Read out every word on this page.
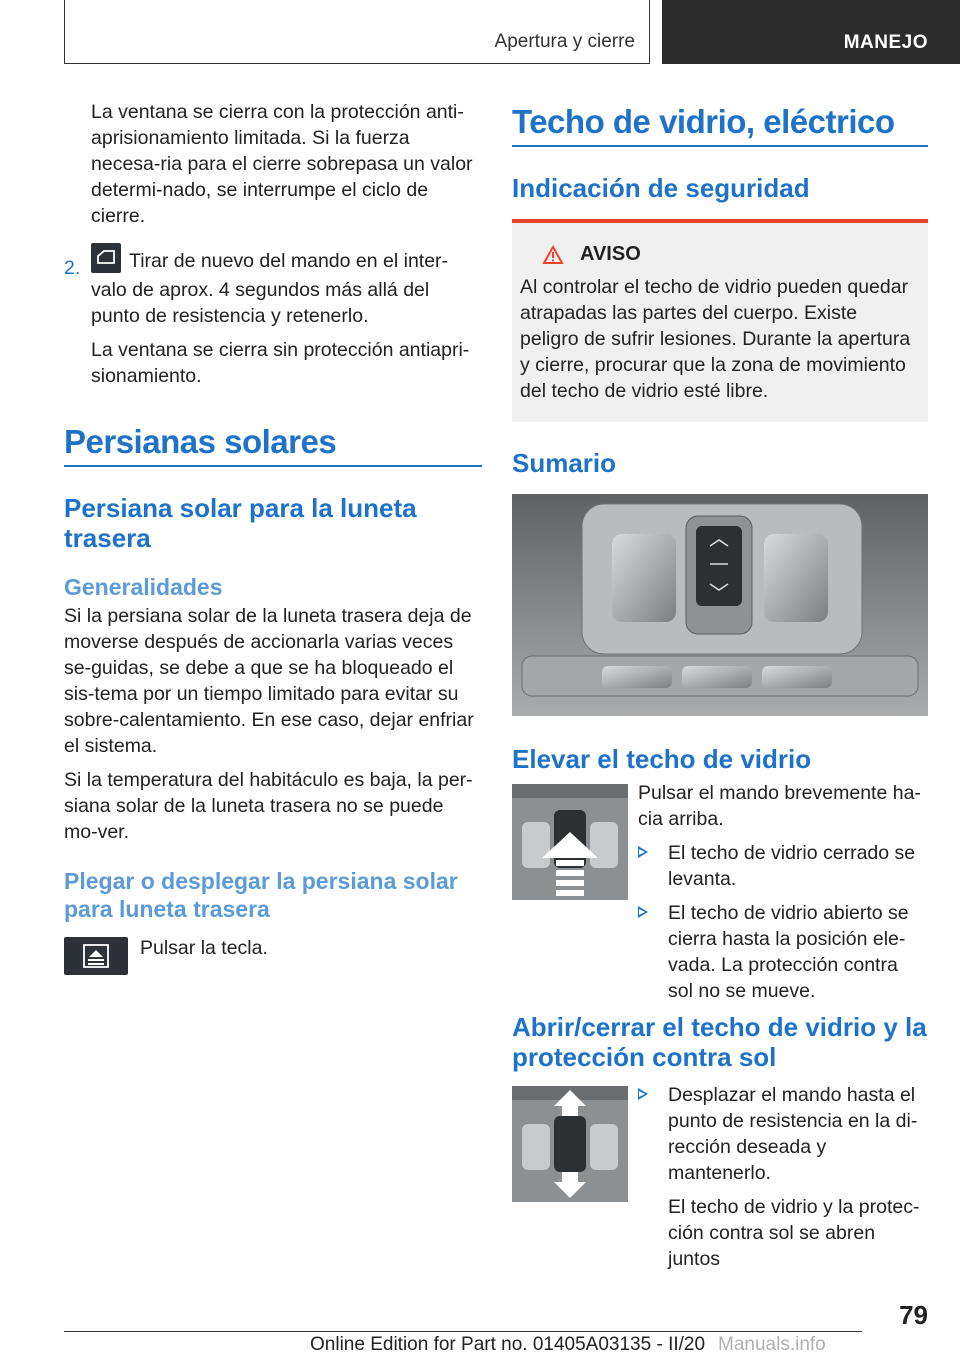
Apertura y cierre	MANEJO

La ventana se cierra con la protección anti-aprisionamiento limitada. Si la fuerza necesa-ria para el cierre sobrepasa un valor determi-nado, se interrumpe el ciclo de cierre.

2.	Tirar de nuevo del mando en el inter-valo de aprox. 4 segundos más allá del punto de resistencia y retenerlo.

La ventana se cierra sin protección antiapri-sionamiento.

Persianas solares
Persiana solar para la luneta trasera
Generalidades

Si la persiana solar de la luneta trasera deja de moverse después de accionarla varias veces se-guidas, se debe a que se ha bloqueado el sis-tema por un tiempo limitado para evitar su sobre-calentamiento. En ese caso, dejar enfriar el sistema.

Si la temperatura del habitáculo es baja, la per-siana solar de la luneta trasera no se puede mo-ver.

Plegar o desplegar la persiana solar para luneta trasera

Pulsar la tecla.

Techo de vidrio, eléctrico
Indicación de seguridad
AVISO

Al controlar el techo de vidrio pueden quedar atrapadas las partes del cuerpo. Existe peligro de sufrir lesiones. Durante la apertura y cierre, procurar que la zona de movimiento del techo de vidrio esté libre.

Sumario
Elevar el techo de vidrio

Pulsar el mando brevemente ha-cia arriba.

El techo de vidrio cerrado se levanta.
El techo de vidrio abierto se cierra hasta la posición ele-vada. La protección contra sol no se mueve.
Abrir/cerrar el techo de vidrio y la protección contra sol
Desplazar el mando hasta el punto de resistencia en la di-rección deseada y mantenerlo.

El techo de vidrio y la protec-ción contra sol se abren juntos

79
Online Edition for Part no. 01405A03135 - II/20 Manuals.info
